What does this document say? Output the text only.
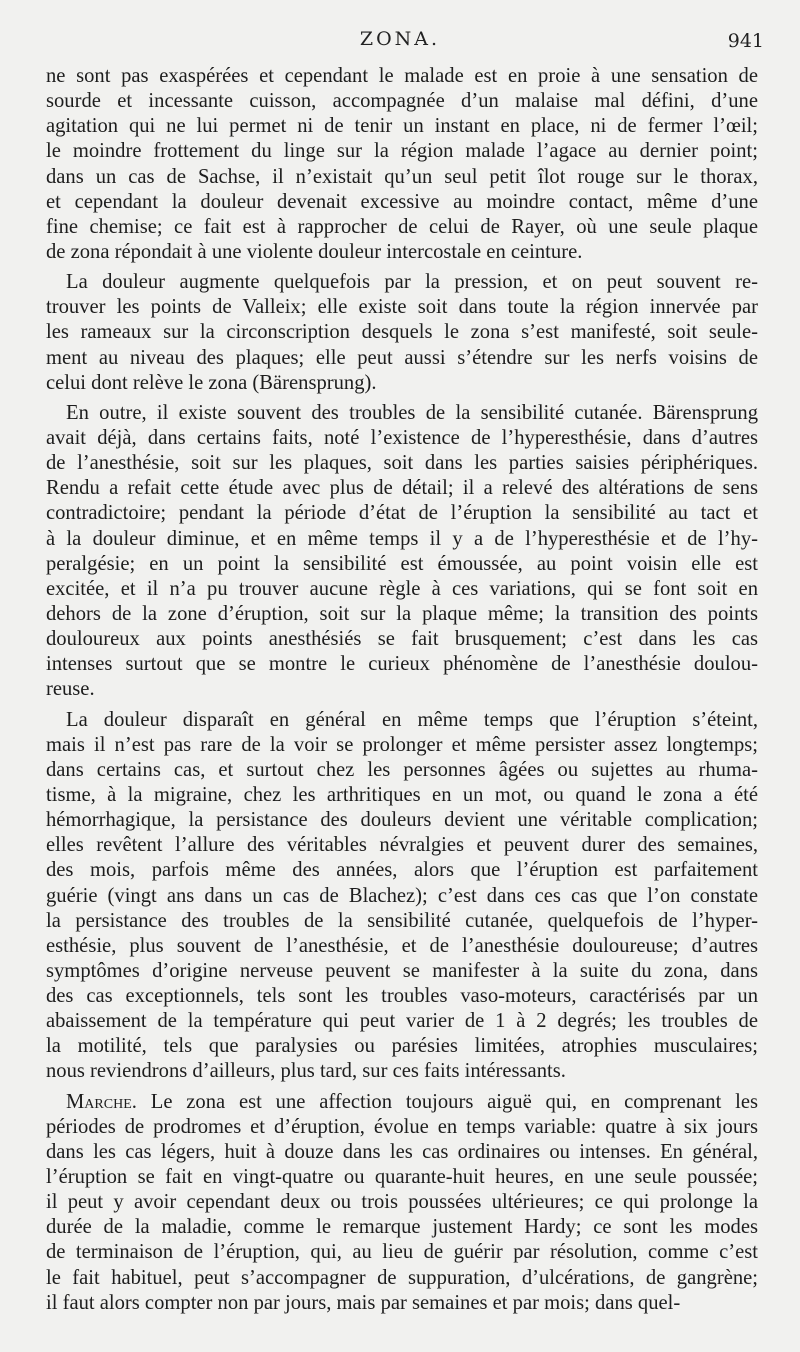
ZONA.	941
ne sont pas exaspérées et cependant le malade est en proie à une sensation de
sourde et incessante cuisson, accompagnée d’un malaise mal défini, d’une
agitation qui ne lui permet ni de tenir un instant en place, ni de fermer l’œil;
le moindre frottement du linge sur la région malade l’agace au dernier point;
dans un cas de Sachse, il n’existait qu’un seul petit îlot rouge sur le thorax,
et cependant la douleur devenait excessive au moindre contact, même d’une
fine chemise; ce fait est à rapprocher de celui de Rayer, où une seule plaque
de zona répondait à une violente douleur intercostale en ceinture.
La douleur augmente quelquefois par la pression, et on peut souvent re-
trouver les points de Valleix; elle existe soit dans toute la région innervée par
les rameaux sur la circonscription desquels le zona s’est manifesté, soit seule-
ment au niveau des plaques; elle peut aussi s’étendre sur les nerfs voisins de
celui dont relève le zona (Bärensprung).
En outre, il existe souvent des troubles de la sensibilité cutanée. Bärensprung
avait déjà, dans certains faits, noté l’existence de l’hyperesthésie, dans d’autres
de l’anesthésie, soit sur les plaques, soit dans les parties saisies périphériques.
Rendu a refait cette étude avec plus de détail; il a relevé des altérations de sens
contradictoire; pendant la période d’état de l’éruption la sensibilité au tact et
à la douleur diminue, et en même temps il y a de l’hyperesthésie et de l’hy-
peralgésie; en un point la sensibilité est émoussée, au point voisin elle est
excitée, et il n’a pu trouver aucune règle à ces variations, qui se font soit en
dehors de la zone d’éruption, soit sur la plaque même; la transition des points
douloureux aux points anesthésiés se fait brusquement; c’est dans les cas
intenses surtout que se montre le curieux phénomène de l’anesthésie doulou-
reuse.
La douleur disparaît en général en même temps que l’éruption s’éteint,
mais il n’est pas rare de la voir se prolonger et même persister assez longtemps;
dans certains cas, et surtout chez les personnes âgées ou sujettes au rhuma-
tisme, à la migraine, chez les arthritiques en un mot, ou quand le zona a été
hémorrhagique, la persistance des douleurs devient une véritable complication;
elles revêtent l’allure des véritables névralgies et peuvent durer des semaines,
des mois, parfois même des années, alors que l’éruption est parfaitement
guérie (vingt ans dans un cas de Blachez); c’est dans ces cas que l’on constate
la persistance des troubles de la sensibilité cutanée, quelquefois de l’hyper-
esthésie, plus souvent de l’anesthésie, et de l’anesthésie douloureuse; d’autres
symptômes d’origine nerveuse peuvent se manifester à la suite du zona, dans
des cas exceptionnels, tels sont les troubles vaso-moteurs, caractérisés par un
abaissement de la température qui peut varier de 1 à 2 degrés; les troubles de
la motilité, tels que paralysies ou parésies limitées, atrophies musculaires;
nous reviendrons d’ailleurs, plus tard, sur ces faits intéressants.
Marche. Le zona est une affection toujours aiguë qui, en comprenant les
périodes de prodromes et d’éruption, évolue en temps variable: quatre à six jours
dans les cas légers, huit à douze dans les cas ordinaires ou intenses. En général,
l’éruption se fait en vingt-quatre ou quarante-huit heures, en une seule poussée;
il peut y avoir cependant deux ou trois poussées ultérieures; ce qui prolonge la
durée de la maladie, comme le remarque justement Hardy; ce sont les modes
de terminaison de l’éruption, qui, au lieu de guérir par résolution, comme c’est
le fait habituel, peut s’accompagner de suppuration, d’ulcérations, de gangrène;
il faut alors compter non par jours, mais par semaines et par mois; dans quel-
